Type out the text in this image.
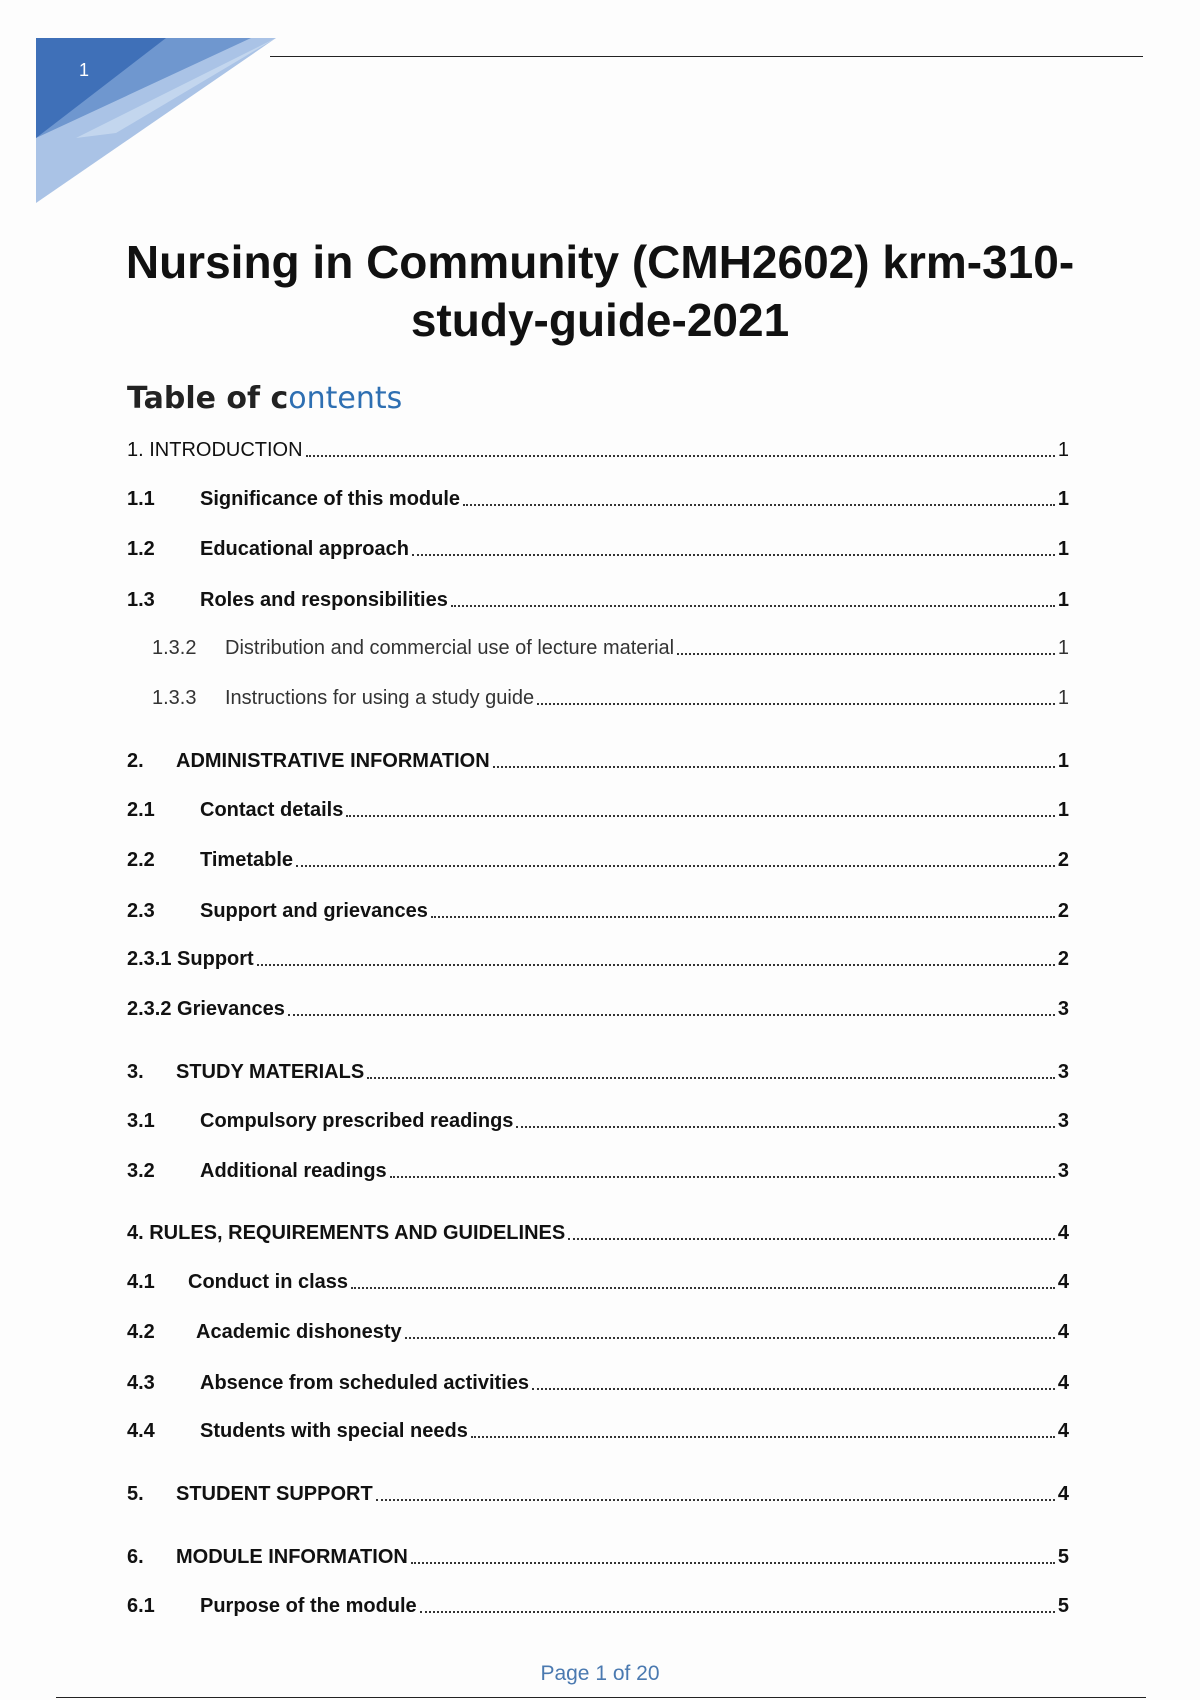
1
Nursing in Community (CMH2602) krm-310-
study-guide-2021
Table of contents
1. INTRODUCTION	1
1.1	Significance of this module	1
1.2	Educational approach	1
1.3	Roles and responsibilities	1
1.3.2	Distribution and commercial use of lecture material	1
1.3.3	Instructions for using a study guide	1
2.	ADMINISTRATIVE INFORMATION	1
2.1	Contact details	1
2.2	Timetable	2
2.3	Support and grievances	2
2.3.1 Support	2
2.3.2 Grievances	3
3.	STUDY MATERIALS	3
3.1	Compulsory prescribed readings	3
3.2	Additional readings	3
4. RULES, REQUIREMENTS AND GUIDELINES	4
4.1	Conduct in class	4
4.2	Academic dishonesty	4
4.3	Absence from scheduled activities	4
4.4	Students with special needs	4
5.	STUDENT SUPPORT	4
6.	MODULE INFORMATION	5
6.1	Purpose of the module	5
Page 1 of 20
